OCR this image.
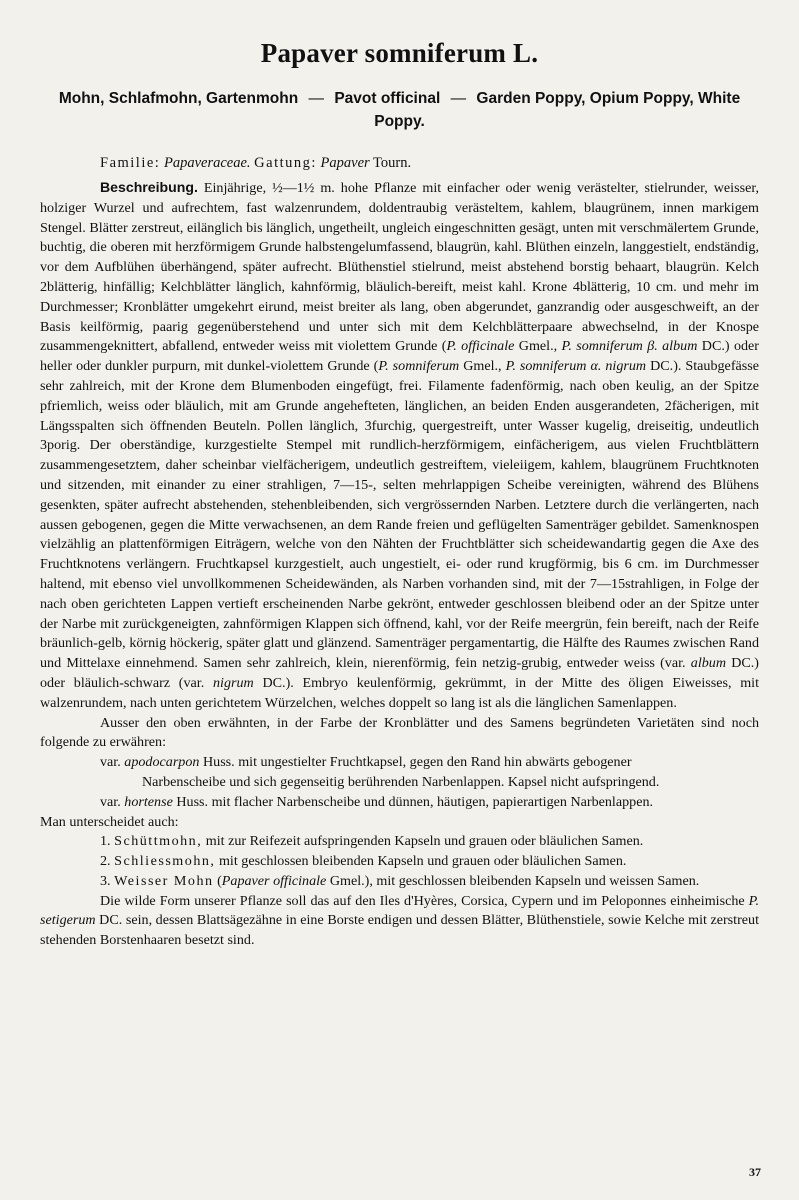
Papaver somniferum L.
Mohn, Schlafmohn, Gartenmohn — Pavot officinal — Garden Poppy, Opium Poppy, White Poppy.

Familie: Papaveraceae. Gattung: Papaver Tourn.

Beschreibung. Einjährige, ½—1½ m. hohe Pflanze mit einfacher oder wenig verästelter, stielrunder, weisser, holziger Wurzel und aufrechtem, fast walzenrundem, doldentraubig verästeltem, kahlem, blaugrünem, innen markigem Stengel. Blätter zerstreut, eilänglich bis länglich, ungetheilt, ungleich eingeschnitten gesägt, unten mit verschmälertem Grunde, buchtig, die oberen mit herzförmigem Grunde halbstengelumfassend, blaugrün, kahl. Blüthen einzeln, langgestielt, endständig, vor dem Aufblühen überhängend, später aufrecht. Blüthenstiel stielrund, meist abstehend borstig behaart, blaugrün. Kelch 2blätterig, hinfällig; Kelchblätter länglich, kahnförmig, bläulich-bereift, meist kahl. Krone 4blätterig, 10 cm. und mehr im Durchmesser; Kronblätter umgekehrt eirund, meist breiter als lang, oben abgerundet, ganzrandig oder ausgeschweift, an der Basis keilförmig, paarig gegenüberstehend und unter sich mit dem Kelchblätterpaare abwechselnd, in der Knospe zusammengeknittert, abfallend, entweder weiss mit violettem Grunde (P. officinale Gmel., P. somniferum β. album DC.) oder heller oder dunkler purpurn, mit dunkel-violettem Grunde (P. somniferum Gmel., P. somniferum α. nigrum DC.). Staubgefässe sehr zahlreich, mit der Krone dem Blumenboden eingefügt, frei. Filamente fadenförmig, nach oben keulig, an der Spitze pfriemlich, weiss oder bläulich, mit am Grunde angehefteten, länglichen, an beiden Enden ausgerandeten, 2fächerigen, mit Längsspalten sich öffnenden Beuteln. Pollen länglich, 3furchig, quergestreift, unter Wasser kugelig, dreiseitig, undeutlich 3porig. Der oberständige, kurzgestielte Stempel mit rundlich-herzförmigem, einfächerigem, aus vielen Fruchtblättern zusammengesetztem, daher scheinbar vielfächerigem, undeutlich gestreiftem, vieleiigem, kahlem, blaugrünem Fruchtknoten und sitzenden, mit einander zu einer strahligen, 7—15-, selten mehrlappigen Scheibe vereinigten, während des Blühens gesenkten, später aufrecht abstehenden, stehenbleibenden, sich vergrössernden Narben. Letztere durch die verlängerten, nach aussen gebogenen, gegen die Mitte verwachsenen, an dem Rande freien und geflügelten Samenträger gebildet. Samenknospen vielzählig an plattenförmigen Eiträgern, welche von den Nähten der Fruchtblätter sich scheidewandartig gegen die Axe des Fruchtknotens verlängern. Fruchtkapsel kurzgestielt, auch ungestielt, ei- oder rund krugförmig, bis 6 cm. im Durchmesser haltend, mit ebenso viel unvollkommenen Scheidewänden, als Narben vorhanden sind, mit der 7—15strahligen, in Folge der nach oben gerichteten Lappen vertieft erscheinenden Narbe gekrönt, entweder geschlossen bleibend oder an der Spitze unter der Narbe mit zurückgeneigten, zahnförmigen Klappen sich öffnend, kahl, vor der Reife meergrün, fein bereift, nach der Reife bräunlich-gelb, körnig höckerig, später glatt und glänzend. Samenträger pergamentartig, die Hälfte des Raumes zwischen Rand und Mittelaxe einnehmend. Samen sehr zahlreich, klein, nierenförmig, fein netzig-grubig, entweder weiss (var. album DC.) oder bläulich-schwarz (var. nigrum DC.). Embryo keulenförmig, gekrümmt, in der Mitte des öligen Eiweisses, mit walzenrundem, nach unten gerichtetem Würzelchen, welches doppelt so lang ist als die länglichen Samenlappen.

Ausser den oben erwähnten, in der Farbe der Kronblätter und des Samens begründeten Varietäten sind noch folgende zu erwähren:

var. apodocarpon Huss. mit ungestielter Fruchtkapsel, gegen den Rand hin abwärts gebogener
Narbenscheibe und sich gegenseitig berührenden Narbenlappen. Kapsel nicht aufspringend.

var. hortense Huss. mit flacher Narbenscheibe und dünnen, häutigen, papierartigen Narbenlappen.

Man unterscheidet auch:

1. Schüttmohn, mit zur Reifezeit aufspringenden Kapseln und grauen oder bläulichen Samen.
2. Schliessmohn, mit geschlossen bleibenden Kapseln und grauen oder bläulichen Samen.
3. Weisser Mohn (Papaver officinale Gmel.), mit geschlossen bleibenden Kapseln und weissen Samen.

Die wilde Form unserer Pflanze soll das auf den Iles d'Hyères, Corsica, Cypern und im Peloponnes einheimische P. setigerum DC. sein, dessen Blattsägezähne in eine Borste endigen und dessen Blätter, Blüthenstiele, sowie Kelche mit zerstreut stehenden Borstenhaaren besetzt sind.

37
